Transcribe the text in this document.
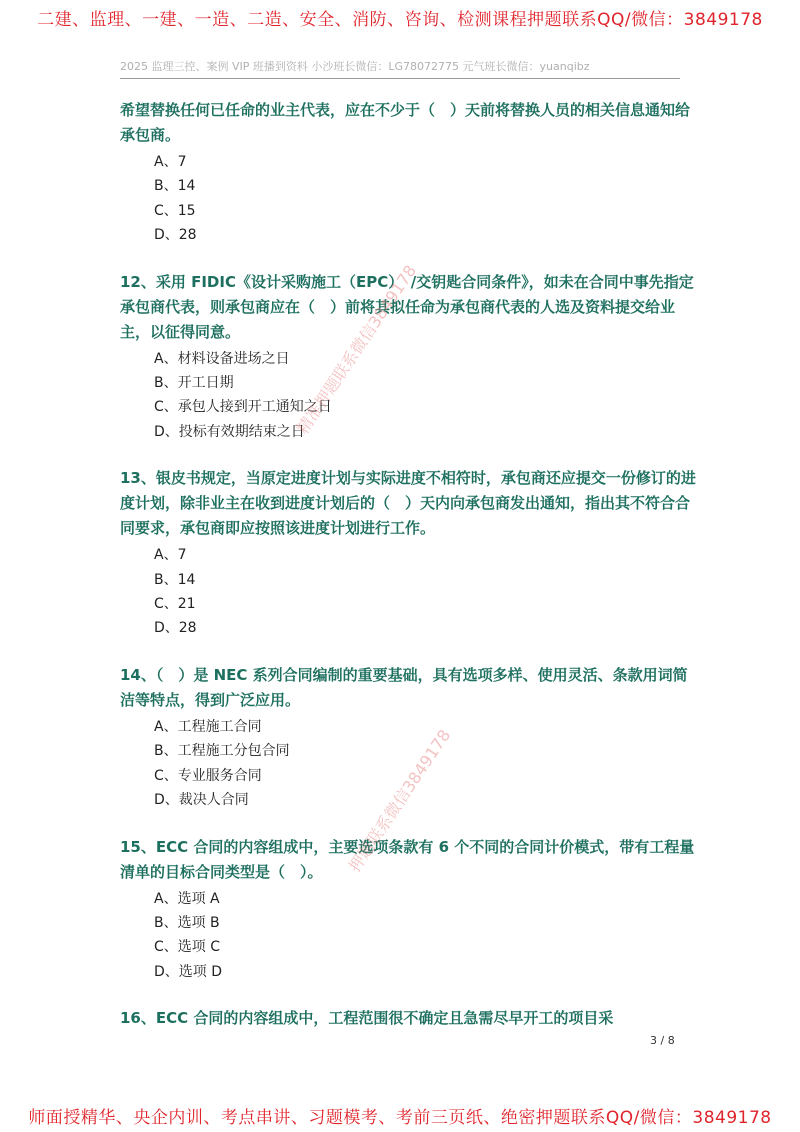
二建、监理、一建、一造、二造、安全、消防、咨询、检测课程押题联系QQ/微信：3849178
2025 监理三控、案例 VIP 班播到资料 小沙班长微信：LG78072775 元气班长微信：yuanqibz
希望替换任何已任命的业主代表，应在不少于（　）天前将替换人员的相关信息通知给承包商。
A、7
B、14
C、15
D、28
12、采用 FIDIC《设计采购施工（EPC）　/交钥匙合同条件》，如未在合同中事先指定承包商代表，则承包商应在（　）前将其拟任命为承包商代表的人选及资料提交给业主，以征得同意。
A、材料设备进场之日
B、开工日期
C、承包人接到开工通知之日
D、投标有效期结束之日
13、银皮书规定，当原定进度计划与实际进度不相符时，承包商还应提交一份修订的进度计划，除非业主在收到进度计划后的（　）天内向承包商发出通知，指出其不符合合同要求，承包商即应按照该进度计划进行工作。
A、7
B、14
C、21
D、28
14、（　）是 NEC 系列合同编制的重要基础，具有选项多样、使用灵活、条款用词简洁等特点，得到广泛应用。
A、工程施工合同
B、工程施工分包合同
C、专业服务合同
D、裁决人合同
15、ECC 合同的内容组成中，主要选项条款有 6 个不同的合同计价模式，带有工程量清单的目标合同类型是（　）。
A、选项 A
B、选项 B
C、选项 C
D、选项 D
16、ECC 合同的内容组成中，工程范围很不确定且急需尽早开工的项目采
精准押题联系微信3849178
押题联系微信3849178
3 / 8
师面授精华、央企内训、考点串讲、习题模考、考前三页纸、绝密押题联系QQ/微信：3849178
